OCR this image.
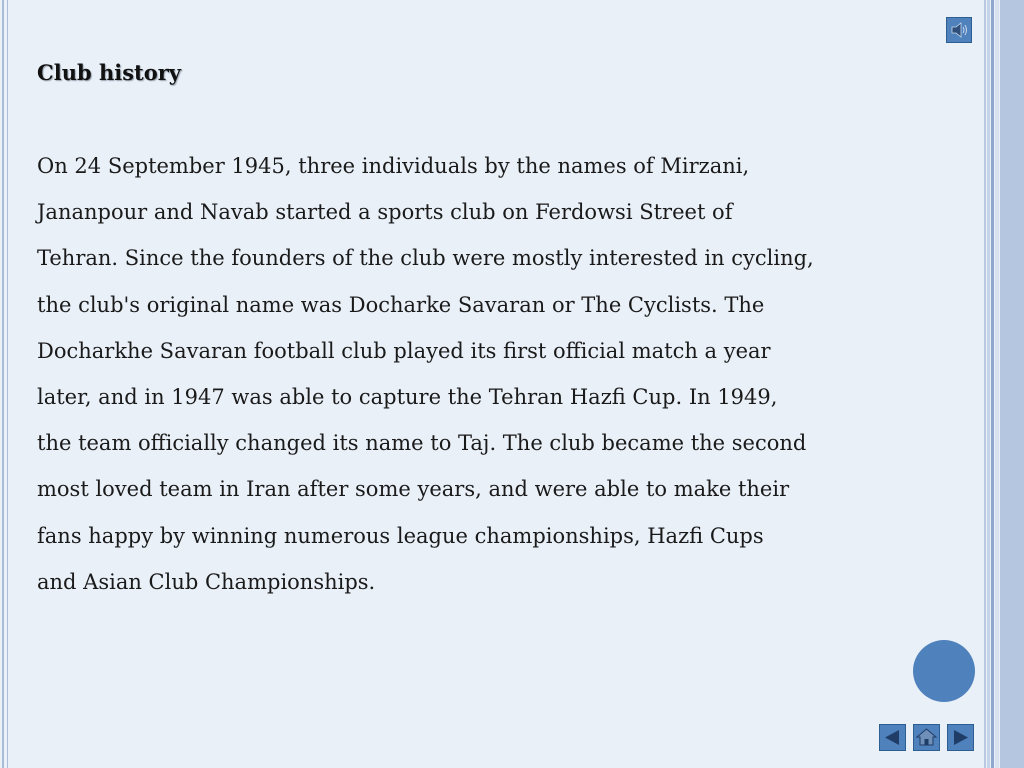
Club history

On 24 September 1945, three individuals by the names of Mirzani,
Jananpour and Navab started a sports club on Ferdowsi Street of
Tehran. Since the founders of the club were mostly interested in cycling,
the club's original name was Docharke Savaran or The Cyclists. The
Docharkhe Savaran football club played its first official match a year
later, and in 1947 was able to capture the Tehran Hazfi Cup. In 1949,
the team officially changed its name to Taj. The club became the second
most loved team in Iran after some years, and were able to make their
fans happy by winning numerous league championships, Hazfi Cups
and Asian Club Championships.
